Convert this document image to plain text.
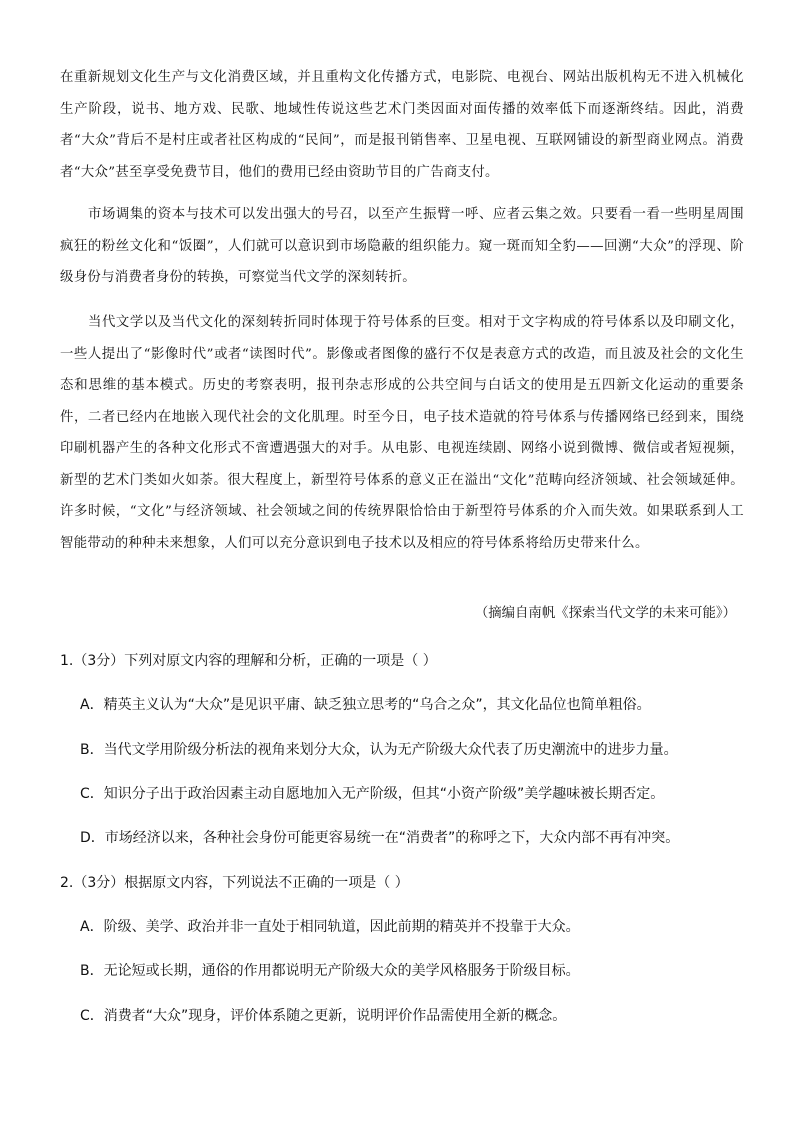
在重新规划文化生产与文化消费区域，并且重构文化传播方式，电影院、电视台、网站出版机构无不进入机械化生产阶段，说书、地方戏、民歌、地域性传说这些艺术门类因面对面传播的效率低下而逐渐终结。因此，消费者“大众”背后不是村庄或者社区构成的“民间”，而是报刊销售率、卫星电视、互联网铺设的新型商业网点。消费者“大众”甚至享受免费节目，他们的费用已经由资助节目的广告商支付。

市场调集的资本与技术可以发出强大的号召，以至产生振臂一呼、应者云集之效。只要看一看一些明星周围疯狂的粉丝文化和“饭圈”，人们就可以意识到市场隐蔽的组织能力。窥一斑而知全豹——回溯“大众”的浮现、阶级身份与消费者身份的转换，可察觉当代文学的深刻转折。

当代文学以及当代文化的深刻转折同时体现于符号体系的巨变。相对于文字构成的符号体系以及印刷文化，一些人提出了“影像时代”或者“读图时代”。影像或者图像的盛行不仅是表意方式的改造，而且波及社会的文化生态和思维的基本模式。历史的考察表明，报刊杂志形成的公共空间与白话文的使用是五四新文化运动的重要条件，二者已经内在地嵌入现代社会的文化肌理。时至今日，电子技术造就的符号体系与传播网络已经到来，围绕印刷机器产生的各种文化形式不啻遭遇强大的对手。从电影、电视连续剧、网络小说到微博、微信或者短视频，新型的艺术门类如火如荼。很大程度上，新型符号体系的意义正在溢出“文化”范畴向经济领域、社会领域延伸。许多时候，“文化”与经济领域、社会领域之间的传统界限恰恰由于新型符号体系的介入而失效。如果联系到人工智能带动的种种未来想象，人们可以充分意识到电子技术以及相应的符号体系将给历史带来什么。

（摘编自南帆《探索当代文学的未来可能》）
1.（3分）下列对原文内容的理解和分析，正确的一项是（ ）
A．精英主义认为“大众”是见识平庸、缺乏独立思考的“乌合之众”，其文化品位也简单粗俗。
B．当代文学用阶级分析法的视角来划分大众，认为无产阶级大众代表了历史潮流中的进步力量。
C．知识分子出于政治因素主动自愿地加入无产阶级，但其“小资产阶级”美学趣味被长期否定。
D．市场经济以来，各种社会身份可能更容易统一在“消费者”的称呼之下，大众内部不再有冲突。
2.（3分）根据原文内容，下列说法不正确的一项是（ ）
A．阶级、美学、政治并非一直处于相同轨道，因此前期的精英并不投靠于大众。
B．无论短或长期，通俗的作用都说明无产阶级大众的美学风格服务于阶级目标。
C．消费者“大众”现身，评价体系随之更新，说明评价作品需使用全新的概念。
